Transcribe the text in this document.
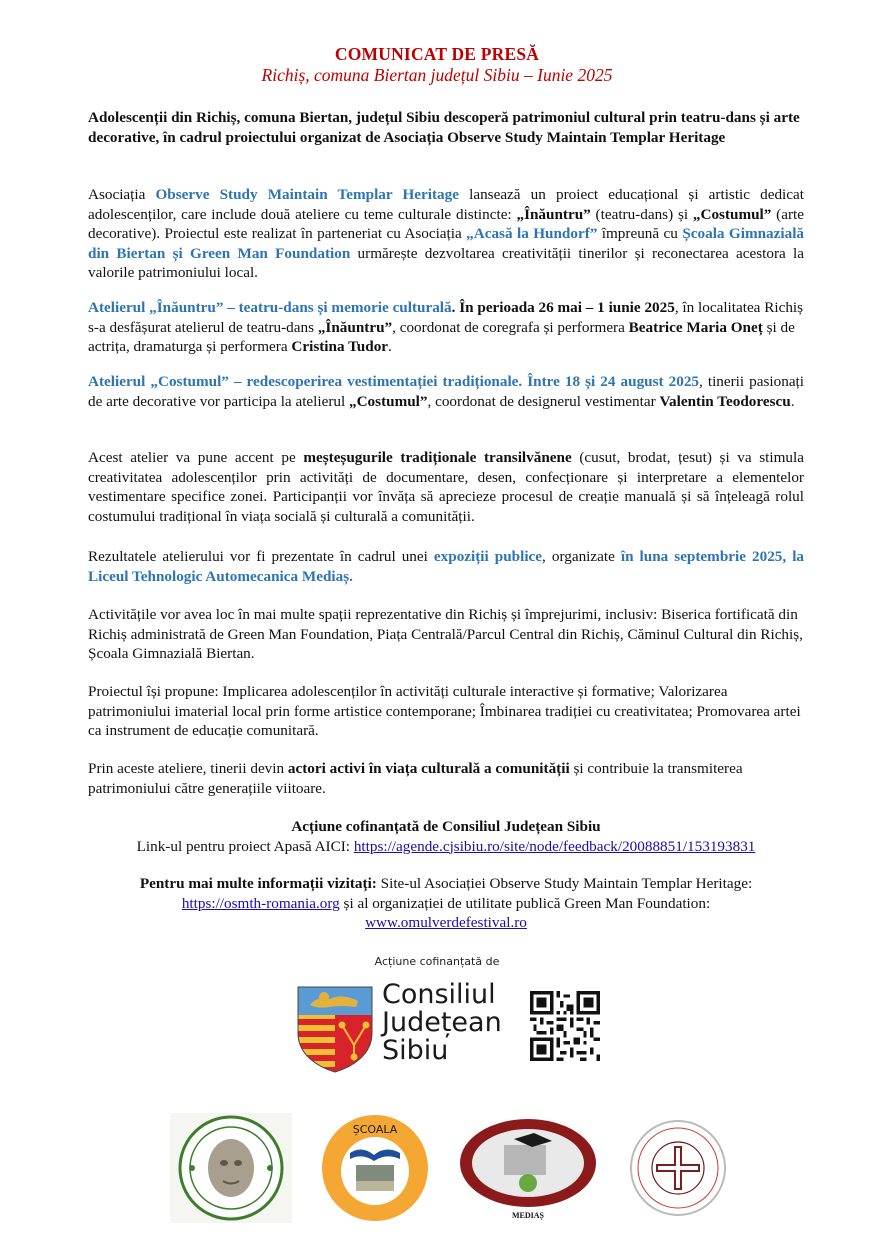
COMUNICAT DE PRESĂ
Richiș, comuna Biertan județul Sibiu – Iunie 2025

Adolescenții din Richiș, comuna Biertan, județul Sibiu descoperă patrimoniul cultural prin teatru-dans și arte decorative, în cadrul proiectului organizat de Asociația Observe Study Maintain Templar Heritage

Asociația Observe Study Maintain Templar Heritage lansează un proiect educațional și artistic dedicat adolescenților, care include două ateliere cu teme culturale distincte: „Înăuntru” (teatru-dans) și „Costumul” (arte decorative). Proiectul este realizat în parteneriat cu Asociația „Acasă la Hundorf” împreună cu Școala Gimnazială din Biertan și Green Man Foundation urmărește dezvoltarea creativității tinerilor și reconectarea acestora la valorile patrimoniului local.

Atelierul „Înăuntru” – teatru-dans și memorie culturală. În perioada 26 mai – 1 iunie 2025, în localitatea Richiș s-a desfășurat atelierul de teatru-dans „Înăuntru”, coordonat de coregrafa și performera Beatrice Maria Oneț și de actrița, dramaturga și performera Cristina Tudor.

Atelierul „Costumul” – redescoperirea vestimentației tradiționale. Între 18 și 24 august 2025, tinerii pasionați de arte decorative vor participa la atelierul „Costumul”, coordonat de designerul vestimentar Valentin Teodorescu.

Acest atelier va pune accent pe meșteșugurile tradiționale transilvănene (cusut, brodat, țesut) și va stimula creativitatea adolescenților prin activități de documentare, desen, confecționare și interpretare a elementelor vestimentare specifice zonei. Participanții vor învăța să aprecieze procesul de creație manuală și să înțeleagă rolul costumului tradițional în viața socială și culturală a comunității.

Rezultatele atelierului vor fi prezentate în cadrul unei expoziții publice, organizate în luna septembrie 2025, la Liceul Tehnologic Automecanica Mediaș.

Activitățile vor avea loc în mai multe spații reprezentative din Richiș și împrejurimi, inclusiv: Biserica fortificată din Richiș administrată de Green Man Foundation, Piața Centrală/Parcul Central din Richiș, Căminul Cultural din Richiș, Școala Gimnazială Biertan.

Proiectul își propune: Implicarea adolescenților în activități culturale interactive și formative; Valorizarea patrimoniului imaterial local prin forme artistice contemporane; Îmbinarea tradiției cu creativitatea; Promovarea artei ca instrument de educație comunitară.

Prin aceste ateliere, tinerii devin actori activi în viața culturală a comunității și contribuie la transmiterea patrimoniului către generațiile viitoare.

Acțiune cofinanțată de Consiliul Județean Sibiu

Link-ul pentru proiect Apasă AICI: https://agende.cjsibiu.ro/site/node/feedback/20088851/153193831

Pentru mai multe informații vizitați: Site-ul Asociației Observe Study Maintain Templar Heritage:
https://osmth-romania.org și al organizației de utilitate publică Green Man Foundation:
www.omulverdefestival.ro

Acțiune cofinanțată de
Consiliul
Județean
Sibiu
ȘCOALA
MEDIAȘ
